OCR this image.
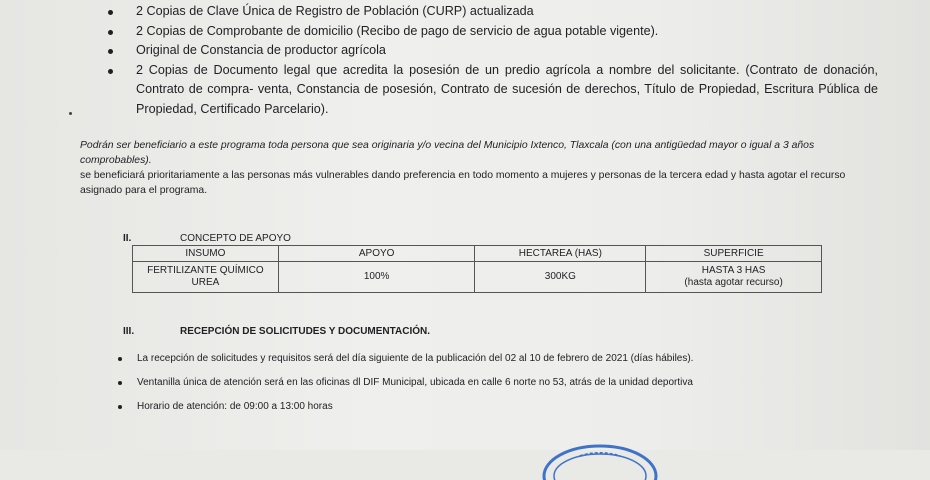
2 Copias de Clave Única de Registro de Población (CURP) actualizada
2 Copias de Comprobante de domicilio (Recibo de pago de servicio de agua potable vigente).
Original de Constancia de productor agrícola
2 Copias de Documento legal que acredita la posesión de un predio agrícola a nombre del solicitante. (Contrato de donación, Contrato de compra- venta, Constancia de posesión, Contrato de sucesión de derechos, Título de Propiedad, Escritura Pública de Propiedad, Certificado Parcelario).
Podrán ser beneficiario a este programa toda persona que sea originaria y/o vecina del Municipio Ixtenco, Tlaxcala (con una antigüedad mayor o igual a 3 años comprobables).
se beneficiará prioritariamente a las personas más vulnerables dando preferencia en todo momento a mujeres y personas de la tercera edad y hasta agotar el recurso asignado para el programa.
II.	CONCEPTO DE APOYO
INSUMO	APOYO	HECTAREA (HAS)	SUPERFICIE
FERTILIZANTE QUÍMICO UREA	100%	300KG	HASTA 3 HAS
(hasta agotar recurso)
III.	RECEPCIÓN DE SOLICITUDES Y DOCUMENTACIÓN.
La recepción de solicitudes y requisitos será del día siguiente de la publicación del 02 al 10 de febrero de 2021 (días hábiles).
Ventanilla única de atención será en las oficinas dl DIF Municipal, ubicada en calle 6 norte no 53, atrás de la unidad deportiva
Horario de atención: de 09:00 a 13:00 horas
